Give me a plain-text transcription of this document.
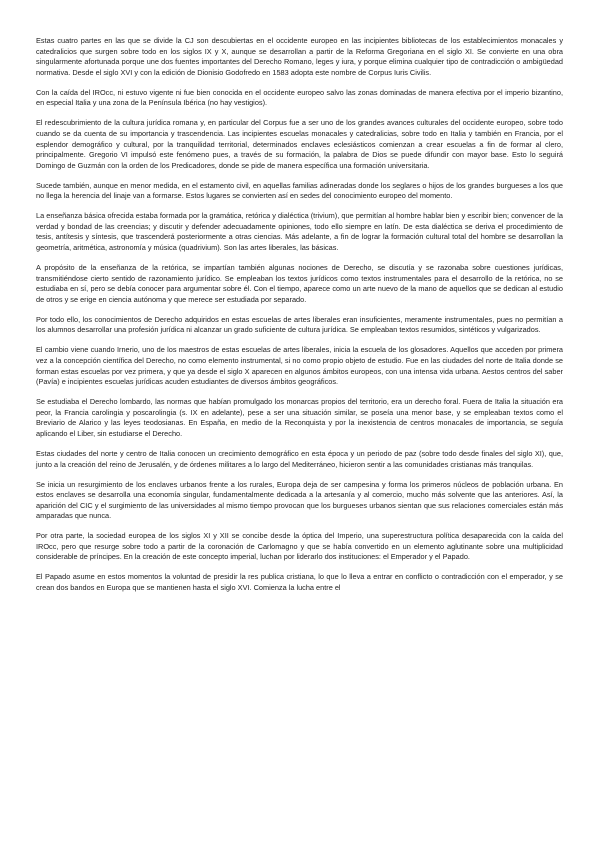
Estas cuatro partes en las que se divide la CJ son descubiertas en el occidente europeo en las incipientes bibliotecas de los establecimientos monacales y catedralicios que surgen sobre todo en los siglos IX y X, aunque se desarrollan a partir de la Reforma Gregoriana en el siglo XI. Se convierte en una obra singularmente afortunada porque une dos fuentes importantes del Derecho Romano, leges y iura, y porque elimina cualquier tipo de contradicción o ambigüedad normativa. Desde el siglo XVI y con la edición de Dionisio Godofredo en 1583 adopta este nombre de Corpus Iuris Civilis.

Con la caída del IROcc, ni estuvo vigente ni fue bien conocida en el occidente europeo salvo las zonas dominadas de manera efectiva por el imperio bizantino, en especial Italia y una zona de la Península Ibérica (no hay vestigios).

El redescubrimiento de la cultura jurídica romana y, en particular del Corpus fue a ser uno de los grandes avances culturales del occidente europeo, sobre todo cuando se da cuenta de su importancia y trascendencia. Las incipientes escuelas monacales y catedralicias, sobre todo en Italia y también en Francia, por el esplendor demográfico y cultural, por la tranquilidad territorial, determinados enclaves eclesiásticos comienzan a crear escuelas a fin de formar al clero, principalmente. Gregorio VI impulsó este fenómeno pues, a través de su formación, la palabra de Dios se puede difundir con mayor base. Esto lo seguirá Domingo de Guzmán con la orden de los Predicadores, donde se pide de manera específica una formación universitaria.

Sucede también, aunque en menor medida, en el estamento civil, en aquellas familias adineradas donde los seglares o hijos de los grandes burgueses a los que no llega la herencia del linaje van a formarse. Estos lugares se convierten así en sedes del conocimiento europeo del momento.

La enseñanza básica ofrecida estaba formada por la gramática, retórica y dialéctica (trivium), que permitían al hombre hablar bien y escribir bien; convencer de la verdad y bondad de las creencias; y discutir y defender adecuadamente opiniones, todo ello siempre en latín. De esta dialéctica se deriva el procedimiento de tesis, antítesis y síntesis, que trascenderá posteriormente a otras ciencias. Más adelante, a fin de lograr la formación cultural total del hombre se desarrollan la geometría, aritmética, astronomía y música (quadrivium). Son las artes liberales, las básicas.

A propósito de la enseñanza de la retórica, se impartían también algunas nociones de Derecho, se discutía y se razonaba sobre cuestiones jurídicas, transmitiéndose cierto sentido de razonamiento jurídico. Se empleaban los textos jurídicos como textos instrumentales para el desarrollo de la retórica, no se estudiaba en sí, pero se debía conocer para argumentar sobre él. Con el tiempo, aparece como un arte nuevo de la mano de aquellos que se dedican al estudio de otros y se erige en ciencia autónoma y que merece ser estudiada por separado.

Por todo ello, los conocimientos de Derecho adquiridos en estas escuelas de artes liberales eran insuficientes, meramente instrumentales, pues no permitían a los alumnos desarrollar una profesión jurídica ni alcanzar un grado suficiente de cultura jurídica. Se empleaban textos resumidos, sintéticos y vulgarizados.

El cambio viene cuando Irnerio, uno de los maestros de estas escuelas de artes liberales, inicia la escuela de los glosadores. Aquellos que acceden por primera vez a la concepción científica del Derecho, no como elemento instrumental, si no como propio objeto de estudio. Fue en las ciudades del norte de Italia donde se forman estas escuelas por vez primera, y que ya desde el siglo X aparecen en algunos ámbitos europeos, con una intensa vida urbana. Aestos centros del saber (Pavía) e incipientes escuelas jurídicas acuden estudiantes de diversos ámbitos geográficos.

Se estudiaba el Derecho lombardo, las normas que habían promulgado los monarcas propios del territorio, era un derecho foral. Fuera de Italia la situación era peor, la Francia carolingia y poscarolingia (s. IX en adelante), pese a ser una situación similar, se poseía una menor base, y se empleaban textos como el Breviario de Alarico y las leyes teodosianas. En España, en medio de la Reconquista y por la inexistencia de centros monacales de importancia, se seguía aplicando el Liber, sin estudiarse el Derecho.

Estas ciudades del norte y centro de Italia conocen un crecimiento demográfico en esta época y un periodo de paz (sobre todo desde finales del siglo XI), que, junto a la creación del reino de Jerusalén, y de órdenes militares a lo largo del Mediterráneo, hicieron sentir a las comunidades cristianas más tranquilas.

Se inicia un resurgimiento de los enclaves urbanos frente a los rurales, Europa deja de ser campesina y forma los primeros núcleos de población urbana. En estos enclaves se desarrolla una economía singular, fundamentalmente dedicada a la artesanía y al comercio, mucho más solvente que las anteriores. Así, la aparición del CIC y el surgimiento de las universidades al mismo tiempo provocan que los burgueses urbanos sientan que sus relaciones comerciales están más amparadas que nunca.

Por otra parte, la sociedad europea de los siglos XI y XII se concibe desde la óptica del Imperio, una superestructura política desaparecida con la caída del IROcc, pero que resurge sobre todo a partir de la coronación de Carlomagno y que se había convertido en un elemento aglutinante sobre una multiplicidad considerable de príncipes. En la creación de este concepto imperial, luchan por liderarlo dos instituciones: el Emperador y el Papado.

El Papado asume en estos momentos la voluntad de presidir la res publica cristiana, lo que lo lleva a entrar en conflicto o contradicción con el emperador, y se crean dos bandos en Europa que se mantienen hasta el siglo XVI. Comienza la lucha entre el
